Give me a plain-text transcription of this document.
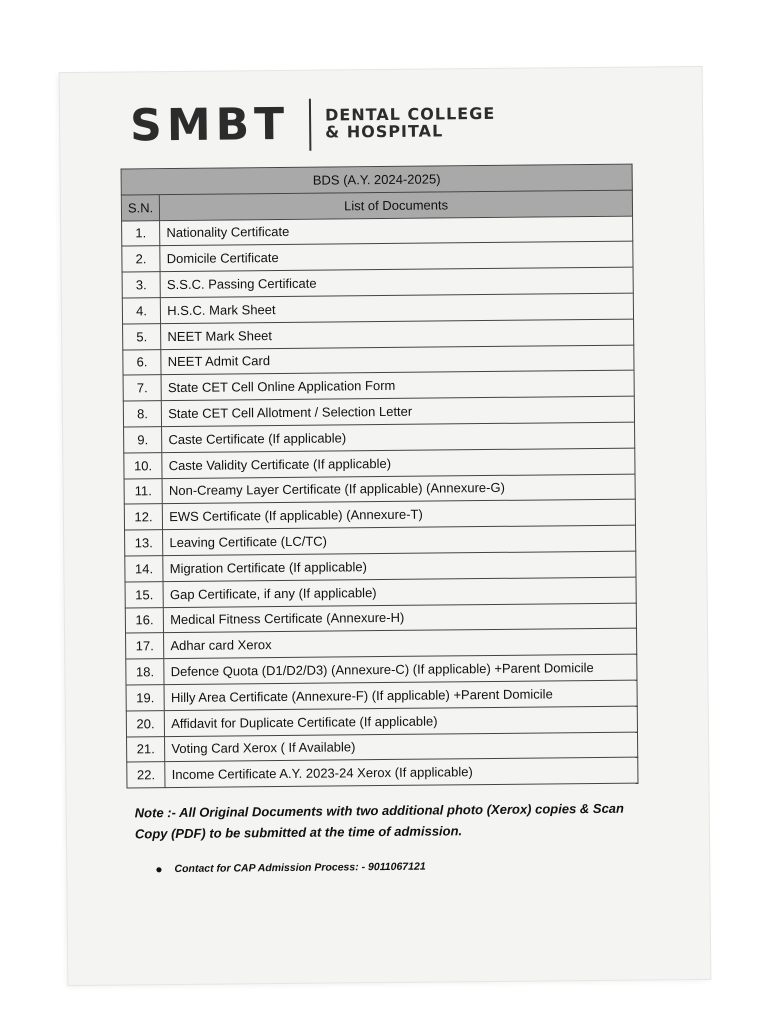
SMBT DENTAL COLLEGE
& HOSPITAL
BDS (A.Y. 2024-2025)	
S.N.	List of Documents
1.	Nationality Certificate
2.	Domicile Certificate
3.	S.S.C. Passing Certificate
4.	H.S.C. Mark Sheet
5.	NEET Mark Sheet
6.	NEET Admit Card
7.	State CET Cell Online Application Form
8.	State CET Cell Allotment / Selection Letter
9.	Caste Certificate (If applicable)
10.	Caste Validity Certificate (If applicable)
11.	Non-Creamy Layer Certificate (If applicable) (Annexure-G)
12.	EWS Certificate (If applicable) (Annexure-T)
13.	Leaving Certificate (LC/TC)
14.	Migration Certificate (If applicable)
15.	Gap Certificate, if any (If applicable)
16.	Medical Fitness Certificate (Annexure-H)
17.	Adhar card Xerox
18.	Defence Quota (D1/D2/D3) (Annexure-C) (If applicable) +Parent Domicile
19.	Hilly Area Certificate (Annexure-F) (If applicable) +Parent Domicile
20.	Affidavit for Duplicate Certificate (If applicable)
21.	Voting Card Xerox ( If Available)
22.	Income Certificate A.Y. 2023-24 Xerox (If applicable)
Note :- All Original Documents with two additional photo (Xerox) copies & Scan Copy (PDF) to be submitted at the time of admission.
● Contact for CAP Admission Process: - 9011067121
